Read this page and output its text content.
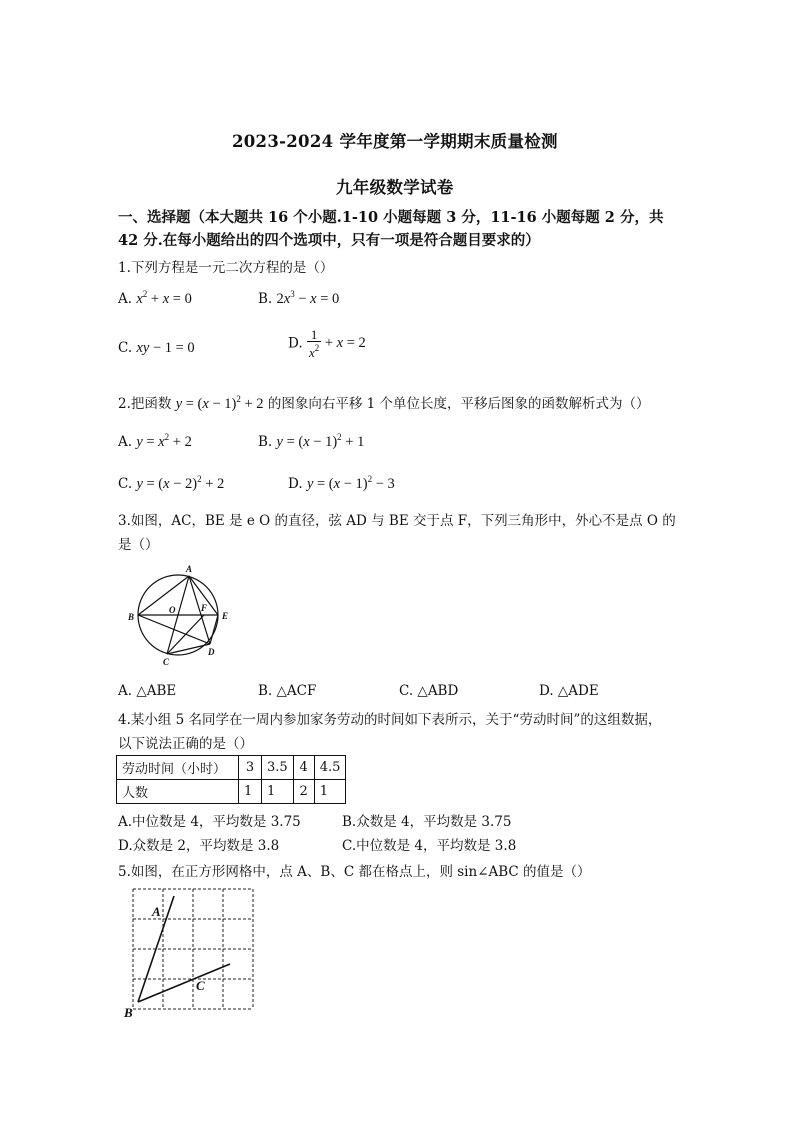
2023-2024 学年度第一学期期末质量检测
九年级数学试卷
一、选择题（本大题共 16 个小题.1-10 小题每题 3 分，11-16 小题每题 2 分，共
42 分.在每小题给出的四个选项中，只有一项是符合题目要求的）
1.下列方程是一元二次方程的是（）
A. $x^2 + x = 0$	B. $2x^3 - x = 0$
C. xy − 1 = 0	D. $\frac{1}{x^2} + x = 2$
2.把函数 $y = (x - 1)^2 + 2$ 的图象向右平移 1 个单位长度，平移后图象的函数解析式为（）
A. $y = x^2 + 2$	B. $y = (x - 1)^2 + 1$
C. $y = (x - 2)^2 + 2$	D. $y = (x - 1)^2 - 3$
3.如图，AC，BE 是 e O 的直径，弦 AD 与 BE 交于点 F，下列三角形中，外心不是点 O 的
是（）
A
B
C
D
E
F
O
A. △ABE	B. △ACF	C. △ABD	D. △ADE
4.某小组 5 名同学在一周内参加家务劳动的时间如下表所示，关于“劳动时间”的这组数据，
以下说法正确的是（）
劳动时间（小时）	3	3.5	4	4.5
人数	1	1	2	1
A.中位数是 4，平均数是 3.75	B.众数是 4，平均数是 3.75
D.众数是 2，平均数是 3.8	C.中位数是 4，平均数是 3.8
5.如图，在正方形网格中，点 A、B、C 都在格点上，则 sin∠ABC 的值是（）
A
B
C
